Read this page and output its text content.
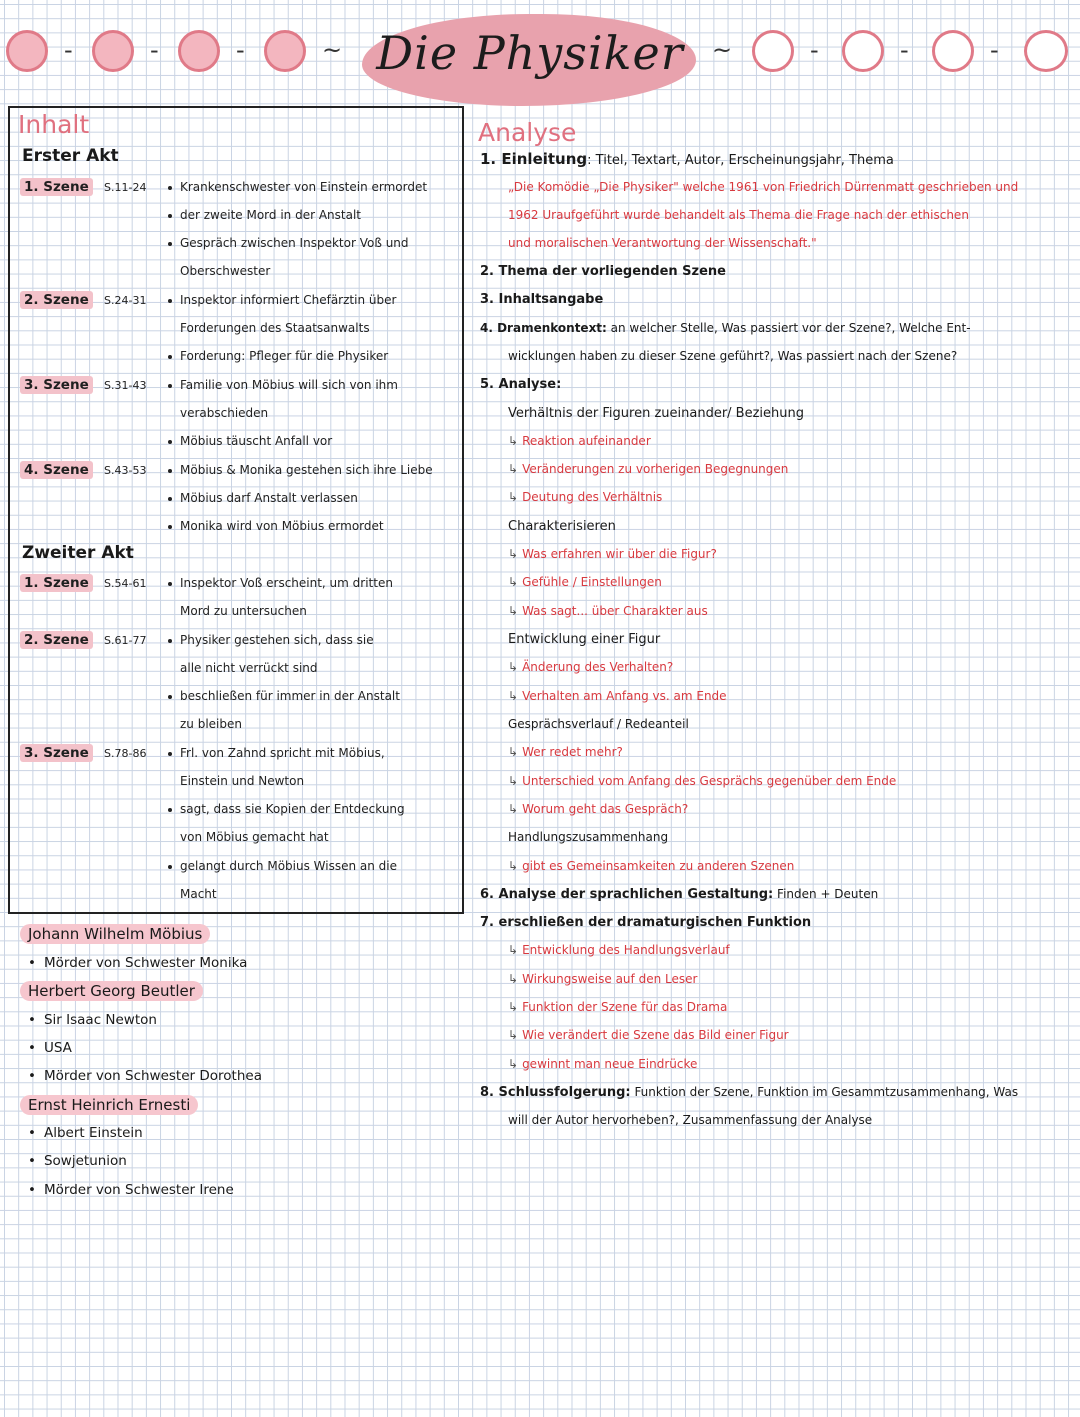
-	-	-	~ Die Physiker ~	-	-	-
Inhalt
Erster Akt
1. Szene	S.11-24	Krankenschwester von Einstein ermordet
der zweite Mord in der Anstalt
Gespräch zwischen Inspektor Voß und
Oberschwester
2. Szene	S.24-31	Inspektor informiert Chefärztin über
Forderungen des Staatsanwalts
Forderung: Pfleger für die Physiker
3. Szene	S.31-43	Familie von Möbius will sich von ihm
verabschieden
Möbius täuscht Anfall vor
4. Szene	S.43-53	Möbius & Monika gestehen sich ihre Liebe
Möbius darf Anstalt verlassen
Monika wird von Möbius ermordet
Zweiter Akt
1. Szene	S.54-61	Inspektor Voß erscheint, um dritten
Mord zu untersuchen
2. Szene	S.61-77	Physiker gestehen sich, dass sie
alle nicht verrückt sind
beschließen für immer in der Anstalt
zu bleiben
3. Szene	S.78-86	Frl. von Zahnd spricht mit Möbius,
Einstein und Newton
sagt, dass sie Kopien der Entdeckung
von Möbius gemacht hat
gelangt durch Möbius Wissen an die
Macht
Johann Wilhelm Möbius
• Mörder von Schwester Monika
Herbert Georg Beutler
• Sir Isaac Newton
• USA
• Mörder von Schwester Dorothea
Ernst Heinrich Ernesti
• Albert Einstein
• Sowjetunion
• Mörder von Schwester Irene
Analyse
1. Einleitung: Titel, Textart, Autor, Erscheinungsjahr, Thema
„Die Komödie „Die Physiker" welche 1961 von Friedrich Dürrenmatt geschrieben und
1962 Uraufgeführt wurde behandelt als Thema die Frage nach der ethischen
und moralischen Verantwortung der Wissenschaft."
2. Thema der vorliegenden Szene
3. Inhaltsangabe
4. Dramenkontext: an welcher Stelle, Was passiert vor der Szene?, Welche Ent-
wicklungen haben zu dieser Szene geführt?, Was passiert nach der Szene?
5. Analyse:
Verhältnis der Figuren zueinander/ Beziehung
↳ Reaktion aufeinander
↳ Veränderungen zu vorherigen Begegnungen
↳ Deutung des Verhältnis
Charakterisieren
↳ Was erfahren wir über die Figur?
↳ Gefühle / Einstellungen
↳ Was sagt... über Charakter aus
Entwicklung einer Figur
↳ Änderung des Verhalten?
↳ Verhalten am Anfang vs. am Ende
Gesprächsverlauf / Redeanteil
↳ Wer redet mehr?
↳ Unterschied vom Anfang des Gesprächs gegenüber dem Ende
↳ Worum geht das Gespräch?
Handlungszusammenhang
↳ gibt es Gemeinsamkeiten zu anderen Szenen
6. Analyse der sprachlichen Gestaltung: Finden + Deuten
7. erschließen der dramaturgischen Funktion
↳ Entwicklung des Handlungsverlauf
↳ Wirkungsweise auf den Leser
↳ Funktion der Szene für das Drama
↳ Wie verändert die Szene das Bild einer Figur
↳ gewinnt man neue Eindrücke
8. Schlussfolgerung: Funktion der Szene, Funktion im Gesammtzusammenhang, Was
will der Autor hervorheben?, Zusammenfassung der Analyse
